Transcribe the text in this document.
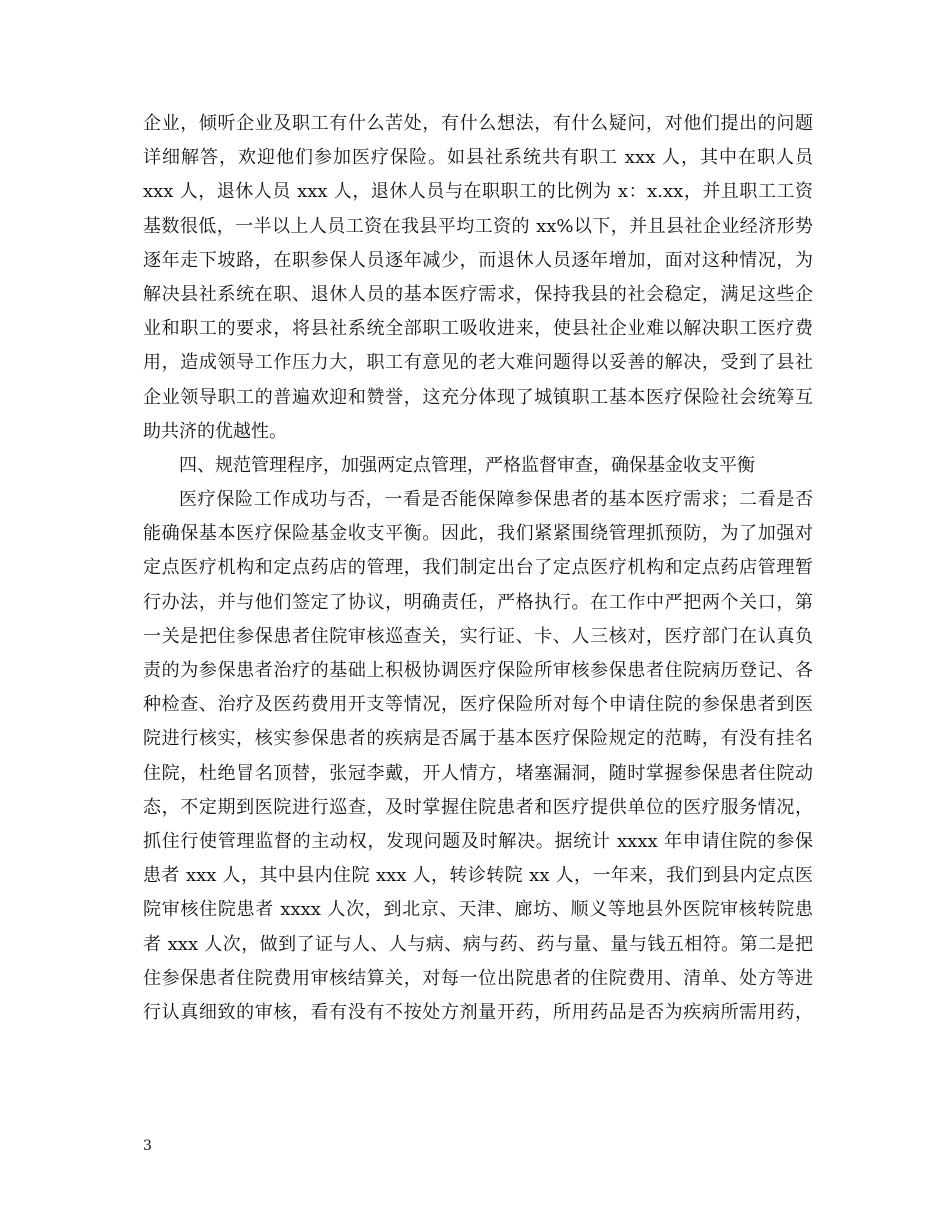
企业，倾听企业及职工有什么苦处，有什么想法，有什么疑问，对他们提出的问题
详细解答，欢迎他们参加医疗保险。如县社系统共有职工 xxx 人，其中在职人员
xxx 人，退休人员 xxx 人，退休人员与在职职工的比例为 x：x.xx，并且职工工资
基数很低，一半以上人员工资在我县平均工资的 xx%以下，并且县社企业经济形势
逐年走下坡路，在职参保人员逐年减少，而退休人员逐年增加，面对这种情况，为
解决县社系统在职、退休人员的基本医疗需求，保持我县的社会稳定，满足这些企
业和职工的要求，将县社系统全部职工吸收进来，使县社企业难以解决职工医疗费
用，造成领导工作压力大，职工有意见的老大难问题得以妥善的解决，受到了县社
企业领导职工的普遍欢迎和赞誉，这充分体现了城镇职工基本医疗保险社会统筹互
助共济的优越性。
四、规范管理程序，加强两定点管理，严格监督审查，确保基金收支平衡
医疗保险工作成功与否，一看是否能保障参保患者的基本医疗需求；二看是否
能确保基本医疗保险基金收支平衡。因此，我们紧紧围绕管理抓预防，为了加强对
定点医疗机构和定点药店的管理，我们制定出台了定点医疗机构和定点药店管理暂
行办法，并与他们签定了协议，明确责任，严格执行。在工作中严把两个关口，第
一关是把住参保患者住院审核巡查关，实行证、卡、人三核对，医疗部门在认真负
责的为参保患者治疗的基础上积极协调医疗保险所审核参保患者住院病历登记、各
种检查、治疗及医药费用开支等情况，医疗保险所对每个申请住院的参保患者到医
院进行核实，核实参保患者的疾病是否属于基本医疗保险规定的范畴，有没有挂名
住院，杜绝冒名顶替，张冠李戴，开人情方，堵塞漏洞，随时掌握参保患者住院动
态，不定期到医院进行巡查，及时掌握住院患者和医疗提供单位的医疗服务情况，
抓住行使管理监督的主动权，发现问题及时解决。据统计 xxxx 年申请住院的参保
患者 xxx 人，其中县内住院 xxx 人，转诊转院 xx 人，一年来，我们到县内定点医
院审核住院患者 xxxx 人次，到北京、天津、廊坊、顺义等地县外医院审核转院患
者 xxx 人次，做到了证与人、人与病、病与药、药与量、量与钱五相符。第二是把
住参保患者住院费用审核结算关，对每一位出院患者的住院费用、清单、处方等进
行认真细致的审核，看有没有不按处方剂量开药，所用药品是否为疾病所需用药，
3
